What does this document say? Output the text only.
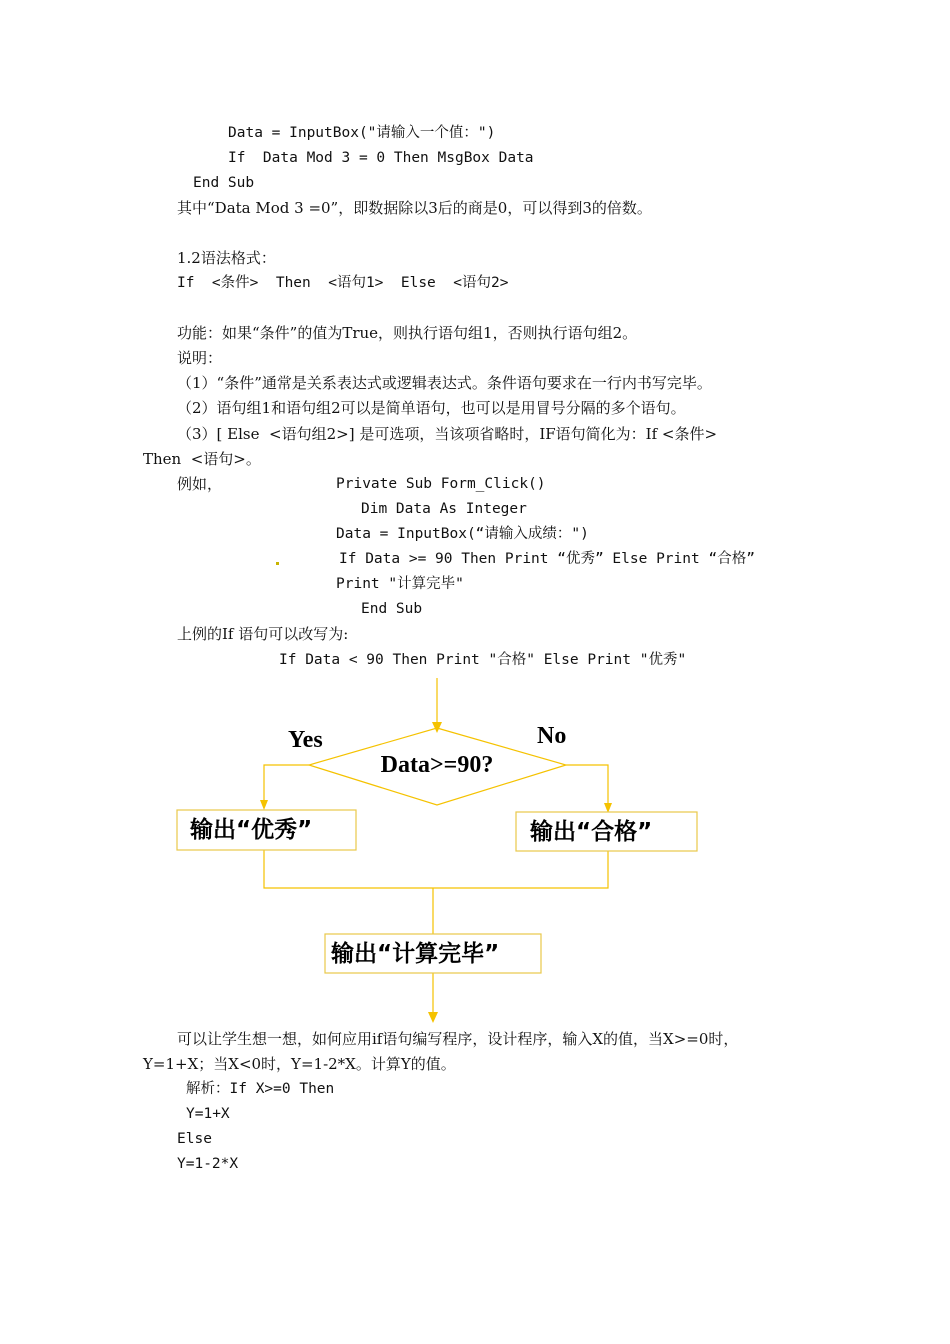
Data = InputBox("请输入一个值：")
If  Data Mod 3 = 0 Then MsgBox Data
End Sub
其中“Data Mod 3 =0”，即数据除以3后的商是0，可以得到3的倍数。
1.2语法格式：
If  <条件>  Then  <语句1>  Else  <语句2>
功能：如果“条件”的值为True，则执行语句组1，否则执行语句组2。
说明：
（1）“条件”通常是关系表达式或逻辑表达式。条件语句要求在一行内书写完毕。
（2）语句组1和语句组2可以是简单语句，也可以是用冒号分隔的多个语句。
（3）[ Else  <语句组2>] 是可选项，当该项省略时，IF语句简化为：If <条件>
Then  <语句>。
例如，	Private Sub Form_Click()
Dim Data As Integer
Data = InputBox(“请输入成绩：")
If Data >= 90 Then Print “优秀” Else Print “合格”
Print "计算完毕"
End Sub
上例的If 语句可以改写为:
If Data < 90 Then Print "合格" Else Print "优秀"
Yes	No
Data>=90?
输出“优秀”	输出“合格”
输出“计算完毕”
可以让学生想一想，如何应用if语句编写程序，设计程序，输入X的值，当X>=0时，
Y=1+X；当X<0时，Y=1-2*X。计算Y的值。
解析：If X>=0 Then
Y=1+X
Else
Y=1-2*X
